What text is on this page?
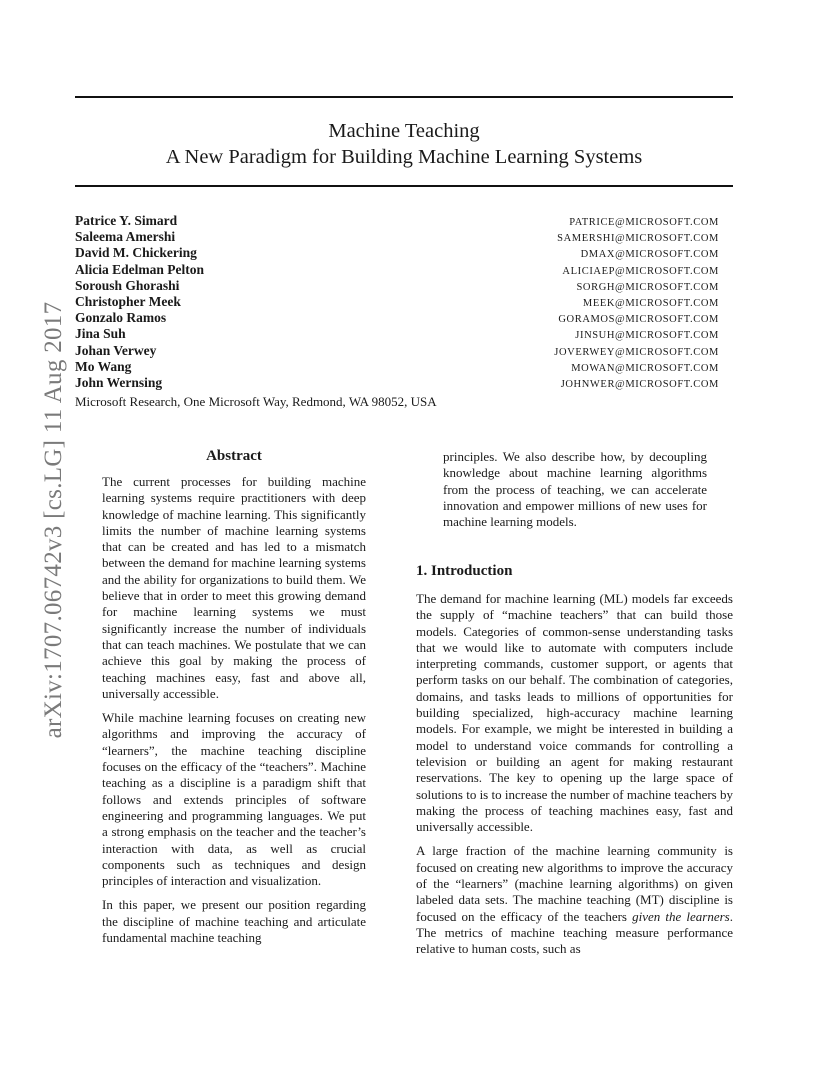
arXiv:1707.06742v3 [cs.LG] 11 Aug 2017
Machine Teaching
A New Paradigm for Building Machine Learning Systems
Patrice Y. Simard	PATRICE@MICROSOFT.COM
Saleema Amershi	SAMERSHI@MICROSOFT.COM
David M. Chickering	DMAX@MICROSOFT.COM
Alicia Edelman Pelton	ALICIAEP@MICROSOFT.COM
Soroush Ghorashi	SORGH@MICROSOFT.COM
Christopher Meek	MEEK@MICROSOFT.COM
Gonzalo Ramos	GORAMOS@MICROSOFT.COM
Jina Suh	JINSUH@MICROSOFT.COM
Johan Verwey	JOVERWEY@MICROSOFT.COM
Mo Wang	MOWAN@MICROSOFT.COM
John Wernsing	JOHNWER@MICROSOFT.COM
Microsoft Research, One Microsoft Way, Redmond, WA 98052, USA
Abstract

The current processes for building machine learning systems require practitioners with deep knowledge of machine learning. This significantly limits the number of machine learning systems that can be created and has led to a mismatch between the demand for machine learning systems and the ability for organizations to build them. We believe that in order to meet this growing demand for machine learning systems we must significantly increase the number of individuals that can teach machines. We postulate that we can achieve this goal by making the process of teaching machines easy, fast and above all, universally accessible.

While machine learning focuses on creating new algorithms and improving the accuracy of “learners”, the machine teaching discipline focuses on the efficacy of the “teachers”. Machine teaching as a discipline is a paradigm shift that follows and extends principles of software engineering and programming languages. We put a strong emphasis on the teacher and the teacher’s interaction with data, as well as crucial components such as techniques and design principles of interaction and visualization.

In this paper, we present our position regarding the discipline of machine teaching and articulate fundamental machine teaching

principles. We also describe how, by decoupling knowledge about machine learning algorithms from the process of teaching, we can accelerate innovation and empower millions of new uses for machine learning models.

1. Introduction

The demand for machine learning (ML) models far exceeds the supply of “machine teachers” that can build those models. Categories of common-sense understanding tasks that we would like to automate with computers include interpreting commands, customer support, or agents that perform tasks on our behalf. The combination of categories, domains, and tasks leads to millions of opportunities for building specialized, high-accuracy machine learning models. For example, we might be interested in building a model to understand voice commands for controlling a television or building an agent for making restaurant reservations. The key to opening up the large space of solutions to is to increase the number of machine teachers by making the process of teaching machines easy, fast and universally accessible.

A large fraction of the machine learning community is focused on creating new algorithms to improve the accuracy of the “learners” (machine learning algorithms) on given labeled data sets. The machine teaching (MT) discipline is focused on the efficacy of the teachers given the learners. The metrics of machine teaching measure performance relative to human costs, such as
